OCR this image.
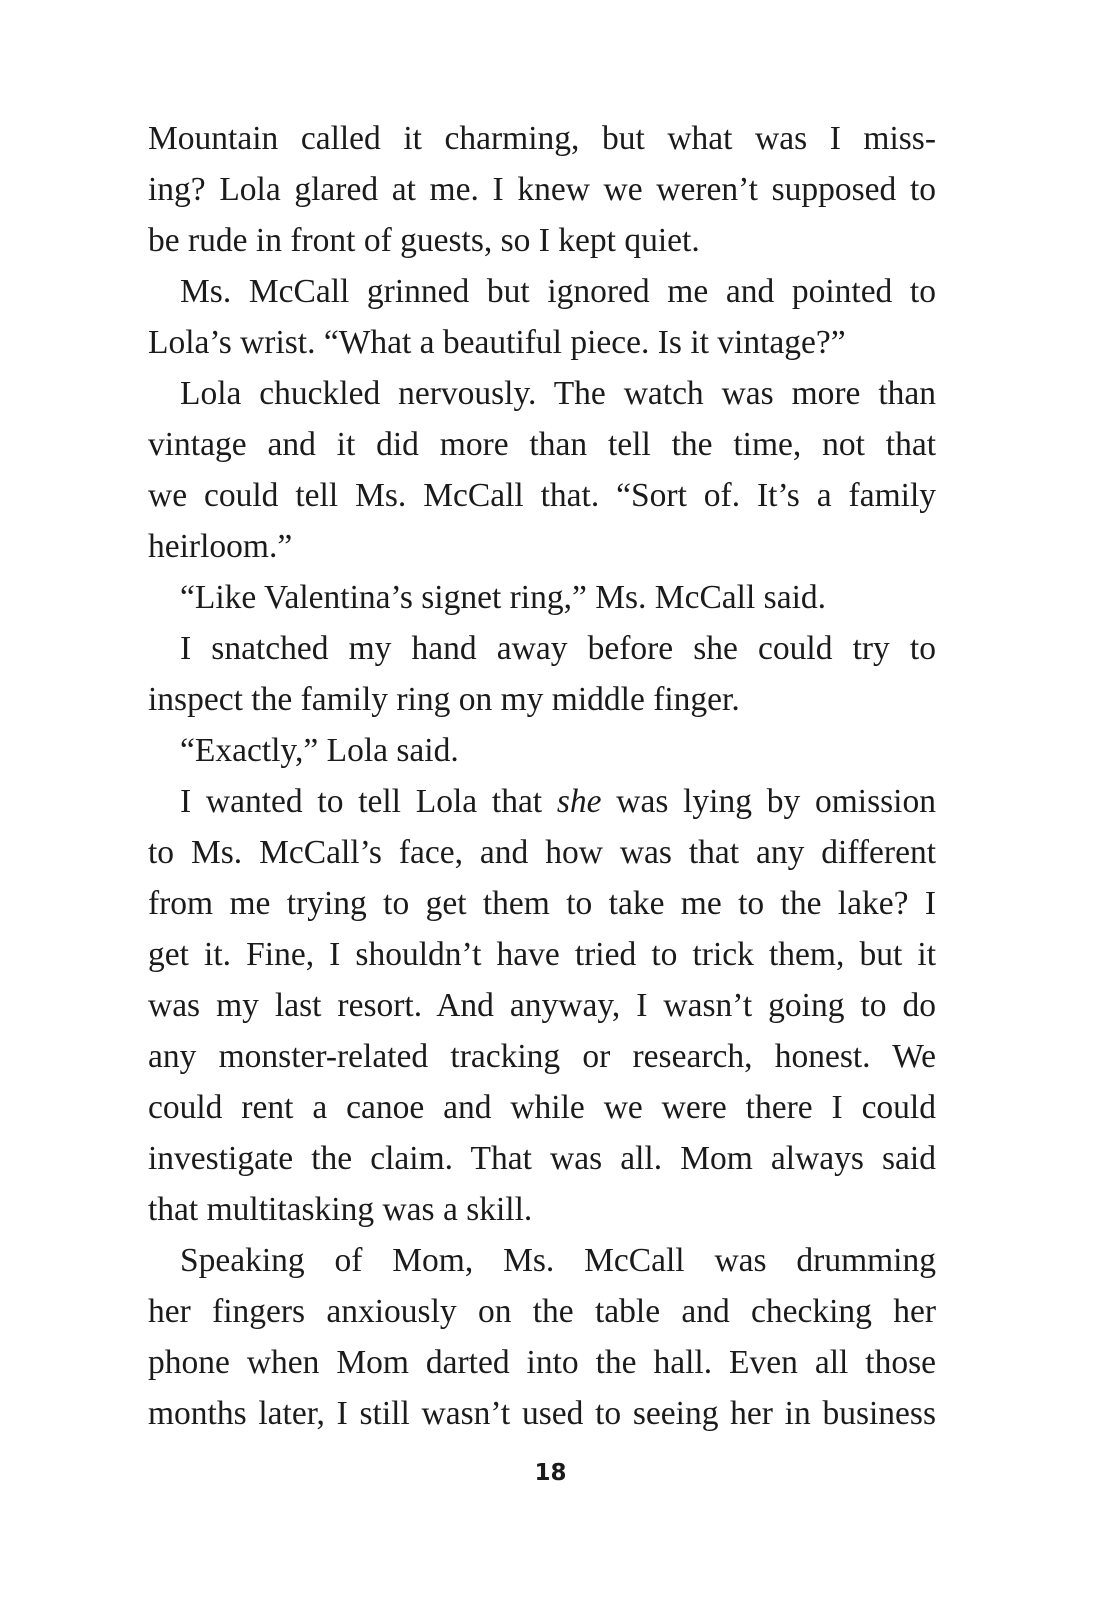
Mountain called it charming, but what was I miss-
ing? Lola glared at me. I knew we weren’t supposed to
be rude in front of guests, so I kept quiet.
Ms. McCall grinned but ignored me and pointed to
Lola’s wrist. “What a beautiful piece. Is it vintage?”
Lola chuckled nervously. The watch was more than
vintage and it did more than tell the time, not that
we could tell Ms. McCall that. “Sort of. It’s a family
heirloom.”
“Like Valentina’s signet ring,” Ms. McCall said.
I snatched my hand away before she could try to
inspect the family ring on my middle finger.
“Exactly,” Lola said.
I wanted to tell Lola that she was lying by omission
to Ms. McCall’s face, and how was that any different
from me trying to get them to take me to the lake? I
get it. Fine, I shouldn’t have tried to trick them, but it
was my last resort. And anyway, I wasn’t going to do
any monster-related tracking or research, honest. We
could rent a canoe and while we were there I could
investigate the claim. That was all. Mom always said
that multitasking was a skill.
Speaking of Mom, Ms. McCall was drumming
her fingers anxiously on the table and checking her
phone when Mom darted into the hall. Even all those
months later, I still wasn’t used to seeing her in business
18
